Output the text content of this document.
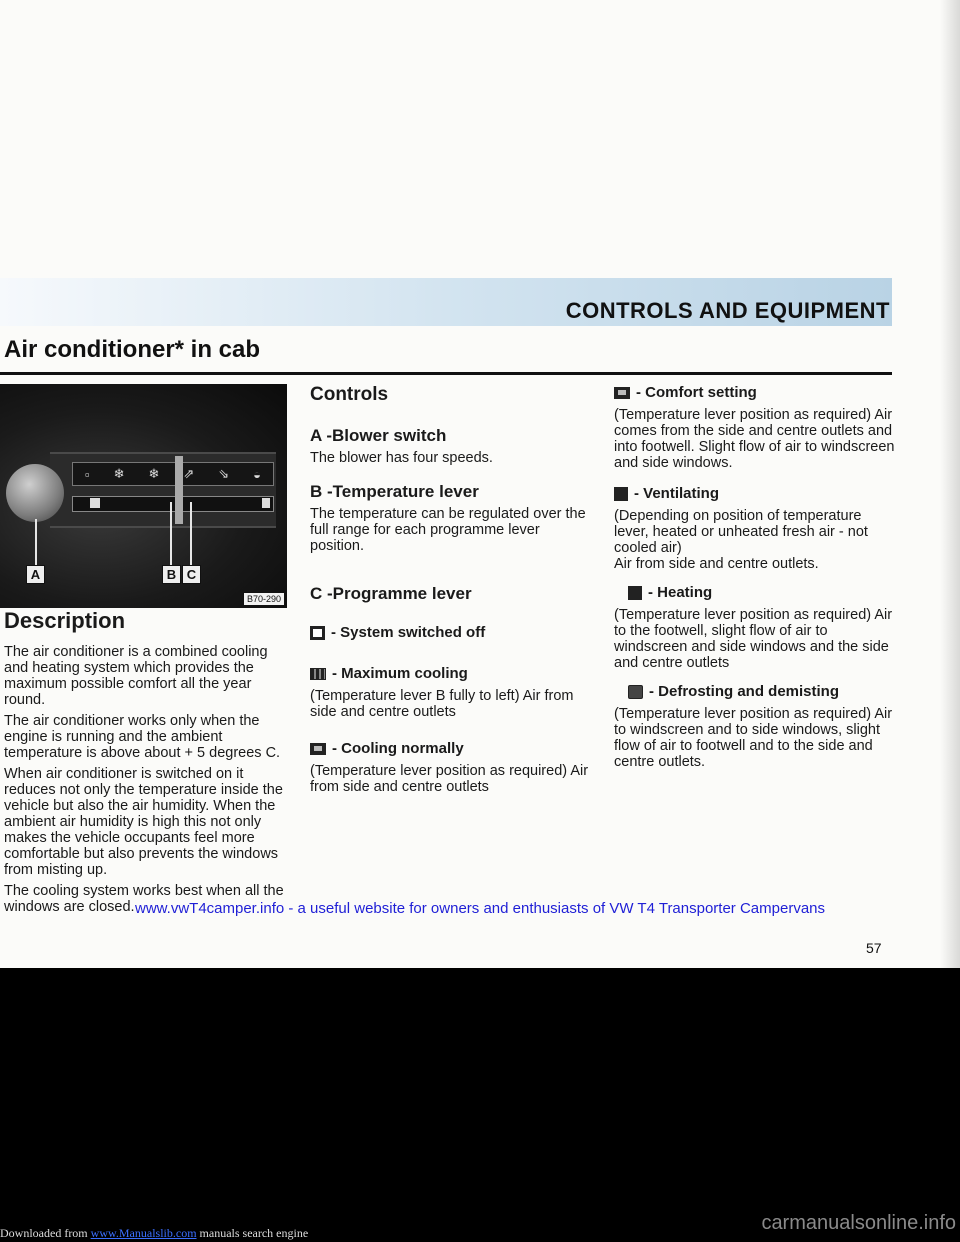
CONTROLS AND EQUIPMENT
Air conditioner* in cab
▫ ❄ ❄ ⇗ ⇘ ◒
A	B C
B70-290
Description

The air conditioner is a combined cooling and heating system which provides the maximum possible comfort all the year round.

The air conditioner works only when the engine is running and the ambient temperature is above about + 5 degrees C.

When air conditioner is switched on it reduces not only the temperature inside the vehicle but also the air humidity. When the ambient air humidity is high this not only makes the vehicle occupants feel more comfortable but also prevents the windows from misting up.

The cooling system works best when all the windows are closed.

Controls
A -Blower switch

The blower has four speeds.

B -Temperature lever

The temperature can be regulated over the full range for each programme lever position.

C -Programme lever
- System switched off
- Maximum cooling

(Temperature lever B fully to left) Air from side and centre outlets

- Cooling normally

(Temperature lever position as required) Air from side and centre outlets

- Comfort setting

(Temperature lever position as required) Air comes from the side and centre outlets and into footwell. Slight flow of air to windscreen and side windows.

- Ventilating

(Depending on position of temperature lever, heated or unheated fresh air - not cooled air)

Air from side and centre outlets.

- Heating

(Temperature lever position as required) Air to the footwell, slight flow of air to windscreen and side windows and the side and centre outlets

- Defrosting and demisting

(Temperature lever position as required) Air to windscreen and to side windows, slight flow of air to footwell and to the side and centre outlets.

www.vwT4camper.info - a useful website for owners and enthusiasts of VW T4 Transporter Campervans
57
Downloaded from www.Manualslib.com manuals search engine	carmanualsonline.info
